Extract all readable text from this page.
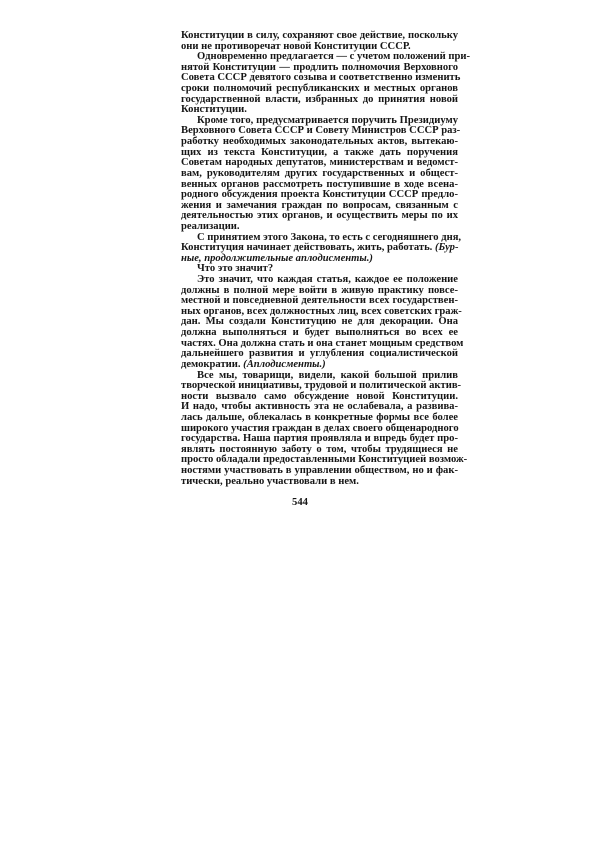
Конституции в силу, сохраняют свое действие, поскольку
они не противоречат новой Конституции СССР.
Одновременно предлагается — с учетом положений при-
нятой Конституции — продлить полномочия Верховного
Совета СССР девятого созыва и соответственно изменить
сроки полномочий республиканских и местных органов
государственной власти, избранных до принятия новой
Конституции.
Кроме того, предусматривается поручить Президиуму
Верховного Совета СССР и Совету Министров СССР раз-
работку необходимых законодательных актов, вытекаю-
щих из текста Конституции, а также дать поручения
Советам народных депутатов, министерствам и ведомст-
вам, руководителям других государственных и общест-
венных органов рассмотреть поступившие в ходе всена-
родного обсуждения проекта Конституции СССР предло-
жения и замечания граждан по вопросам, связанным с
деятельностью этих органов, и осуществить меры по их
реализации.
С принятием этого Закона, то есть с сегодняшнего дня,
Конституция начинает действовать, жить, работать. (Бур-
ные, продолжительные аплодисменты.)
Что это значит?
Это значит, что каждая статья, каждое ее положение
должны в полной мере войти в живую практику повсе-
местной и повседневной деятельности всех государствен-
ных органов, всех должностных лиц, всех советских граж-
дан. Мы создали Конституцию не для декорации. Она
должна выполняться и будет выполняться во всех ее
частях. Она должна стать и она станет мощным средством
дальнейшего развития и углубления социалистической
демократии. (Аплодисменты.)
Все мы, товарищи, видели, какой большой прилив
творческой инициативы, трудовой и политической актив-
ности вызвало само обсуждение новой Конституции.
И надо, чтобы активность эта не ослабевала, а развива-
лась дальше, облекалась в конкретные формы все более
широкого участия граждан в делах своего общенародного
государства. Наша партия проявляла и впредь будет про-
являть постоянную заботу о том, чтобы трудящиеся не
просто обладали предоставленными Конституцией возмож-
ностями участвовать в управлении обществом, но и фак-
тически, реально участвовали в нем.
544
